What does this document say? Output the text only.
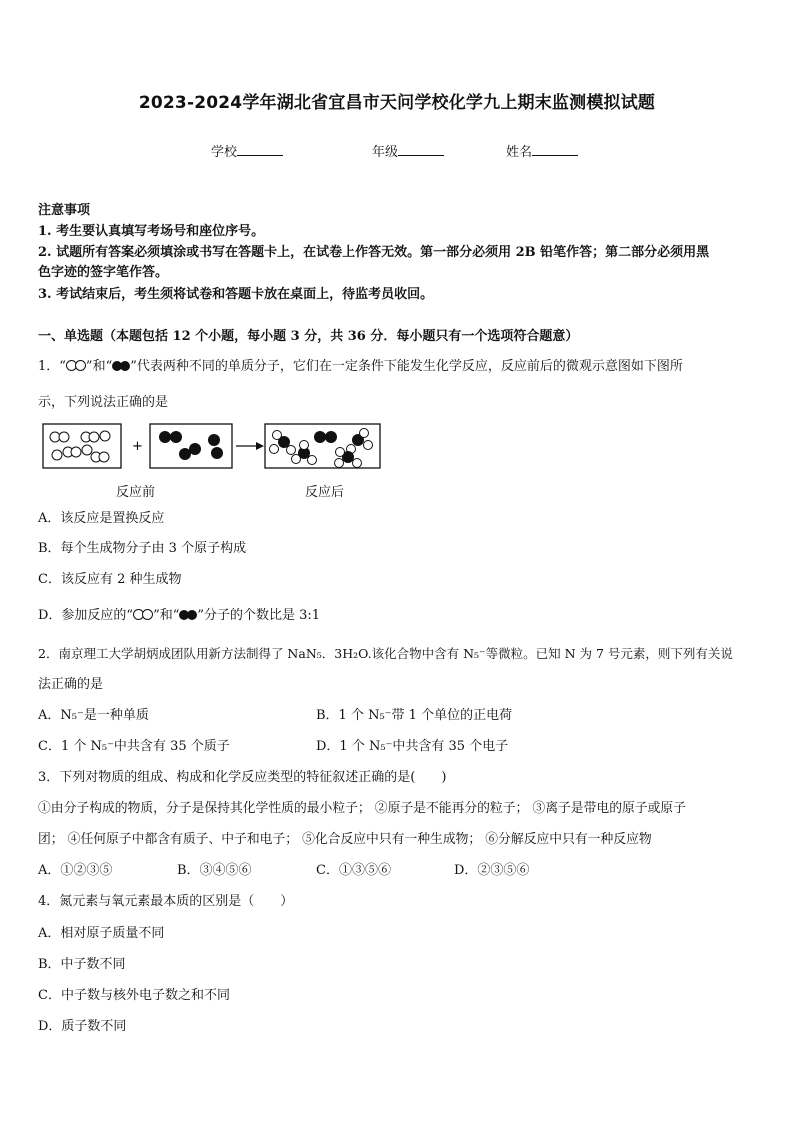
2023-2024学年湖北省宜昌市天问学校化学九上期末监测模拟试题
学校	年级	姓名
注意事项
1. 考生要认真填写考场号和座位序号。
2. 试题所有答案必须填涂或书写在答题卡上，在试卷上作答无效。第一部分必须用 2B 铅笔作答；第二部分必须用黑
色字迹的签字笔作答。
3. 考试结束后，考生须将试卷和答题卡放在桌面上，待监考员收回。
一、单选题（本题包括 12 个小题，每小题 3 分，共 36 分．每小题只有一个选项符合题意）
1．“ ”和“ ”代表两种不同的单质分子，它们在一定条件下能发生化学反应，反应前后的微观示意图如下图所
示，下列说法正确的是
+
反应前	反应后
A．该反应是置换反应
B．每个生成物分子由 3 个原子构成
C．该反应有 2 种生成物
D．参加反应的“ ”和“ ”分子的个数比是 3:1
2．南京理工大学胡炳成团队用新方法制得了 NaN₅．3H₂O.该化合物中含有 N₅⁻等微粒。已知 N 为 7 号元素，则下列有关说
法正确的是
A．N₅⁻是一种单质	B．1 个 N₅⁻带 1 个单位的正电荷
C．1 个 N₅⁻中共含有 35 个质子	D．1 个 N₅⁻中共含有 35 个电子
3．下列对物质的组成、构成和化学反应类型的特征叙述正确的是(　　)
①由分子构成的物质，分子是保持其化学性质的最小粒子； ②原子是不能再分的粒子； ③离子是带电的原子或原子
团； ④任何原子中都含有质子、中子和电子； ⑤化合反应中只有一种生成物； ⑥分解反应中只有一种反应物
A．①②③⑤	B．③④⑤⑥	C．①③⑤⑥	D．②③⑤⑥
4．氮元素与氧元素最本质的区别是（　　）
A．相对原子质量不同
B．中子数不同
C．中子数与核外电子数之和不同
D．质子数不同
